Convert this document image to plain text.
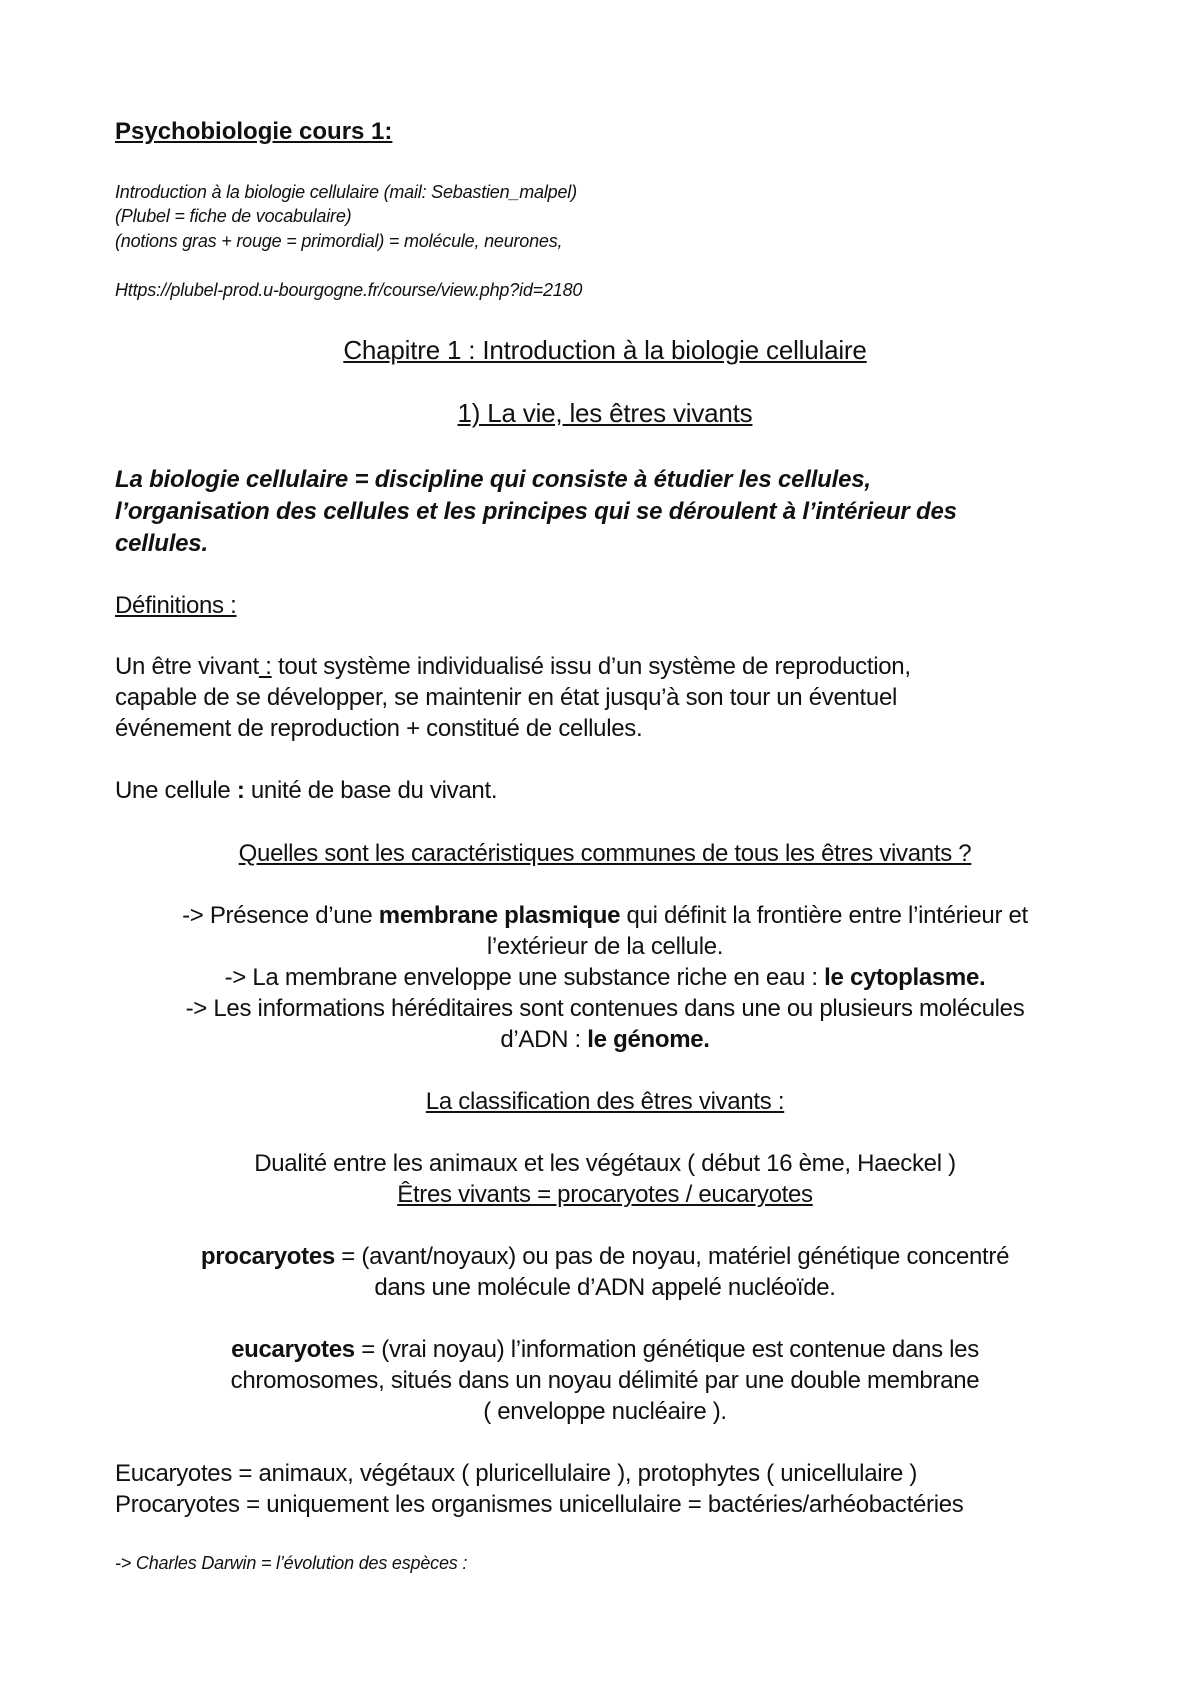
Psychobiologie cours 1:

Introduction à la biologie cellulaire (mail: Sebastien_malpel)

(Plubel = fiche de vocabulaire)

(notions gras + rouge = primordial) = molécule, neurones,

Https://plubel-prod.u-bourgogne.fr/course/view.php?id=2180

Chapitre 1 : Introduction à la biologie cellulaire

1) La vie, les êtres vivants

La biologie cellulaire = discipline qui consiste à étudier les cellules,

l’organisation des cellules et les principes qui se déroulent à l’intérieur des

cellules.

Définitions :

Un être vivant : tout système individualisé issu d’un système de reproduction,

capable de se développer, se maintenir en état jusqu’à son tour un éventuel

événement de reproduction + constitué de cellules.

Une cellule : unité de base du vivant.

Quelles sont les caractéristiques communes de tous les êtres vivants ?

-> Présence d’une membrane plasmique qui définit la frontière entre l’intérieur et

l’extérieur de la cellule.

-> La membrane enveloppe une substance riche en eau : le cytoplasme.

-> Les informations héréditaires sont contenues dans une ou plusieurs molécules

d’ADN : le génome.

La classification des êtres vivants :

Dualité entre les animaux et les végétaux ( début 16 ème, Haeckel )

Êtres vivants = procaryotes / eucaryotes

procaryotes = (avant/noyaux) ou pas de noyau, matériel génétique concentré

dans une molécule d’ADN appelé nucléoïde.

eucaryotes = (vrai noyau) l’information génétique est contenue dans les

chromosomes, situés dans un noyau délimité par une double membrane

( enveloppe nucléaire ).

Eucaryotes = animaux, végétaux ( pluricellulaire ), protophytes ( unicellulaire )

Procaryotes = uniquement les organismes unicellulaire = bactéries/arhéobactéries

-> Charles Darwin = l’évolution des espèces :
